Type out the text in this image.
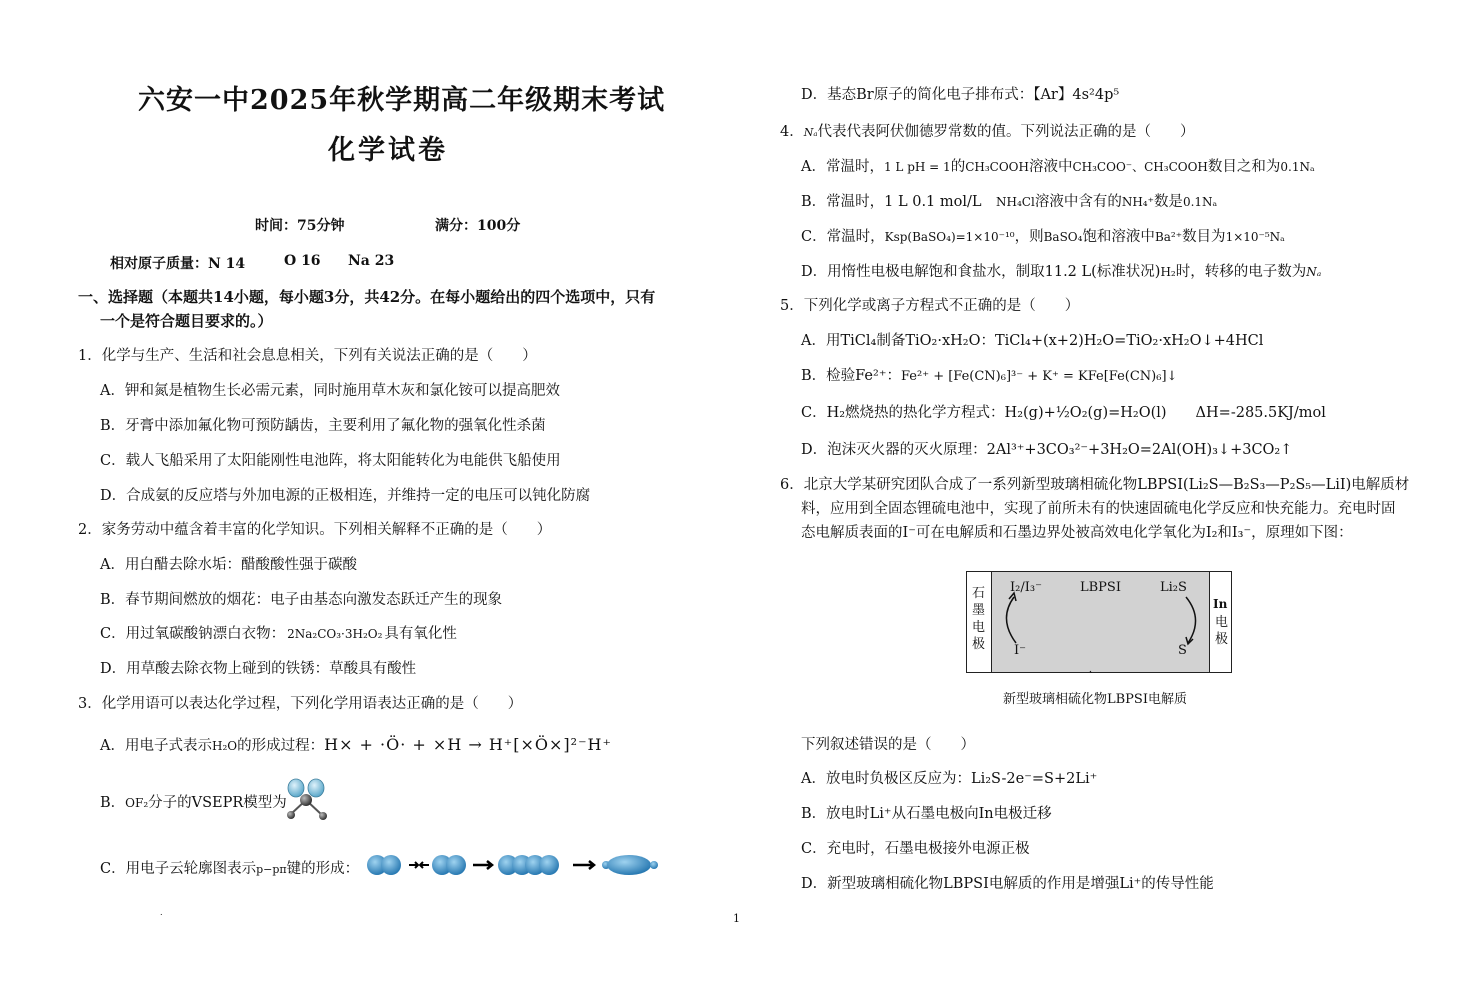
六安一中2025年秋学期高二年级期末考试
化学试卷
时间：75分钟	满分：100分
相对原子质量：N 14	O 16 Na 23
一、选择题（本题共14小题，每小题3分，共42分。在每小题给出的四个选项中，只有
一个是符合题目要求的。）
1．化学与生产、生活和社会息息相关，下列有关说法正确的是（　　）
A．钾和氮是植物生长必需元素，同时施用草木灰和氯化铵可以提高肥效
B．牙膏中添加氟化物可预防龋齿，主要利用了氟化物的强氧化性杀菌
C．载人飞船采用了太阳能刚性电池阵，将太阳能转化为电能供飞船使用
D．合成氨的反应塔与外加电源的正极相连，并维持一定的电压可以钝化防腐
2．家务劳动中蕴含着丰富的化学知识。下列相关解释不正确的是（　　）
A．用白醋去除水垢：醋酸酸性强于碳酸
B．春节期间燃放的烟花：电子由基态向激发态跃迁产生的现象
C．用过氧碳酸钠漂白衣物： 2Na₂CO₃·3H₂O₂ 具有氧化性
D．用草酸去除衣物上碰到的铁锈：草酸具有酸性
3．化学用语可以表达化学过程，下列化学用语表达正确的是（　　）
A．用电子式表示H₂O的形成过程：H× + ·Ö· + ×H → H⁺[×Ö×]²⁻H⁺
B．OF₂分子的VSEPR模型为
C．用电子云轮廓图表示p−pπ键的形成：
.
D．基态Br原子的简化电子排布式：【Ar】4s²4p⁵
4．Nₐ代表代表阿伏伽德罗常数的值。下列说法正确的是（　　）
A．常温时，1 L pH = 1的CH₃COOH溶液中CH₃COO⁻、CH₃COOH数目之和为0.1Nₐ
B．常温时，1 L 0.1 mol/L　 NH₄Cl溶液中含有的NH₄⁺数是0.1Nₐ
C．常温时，Ksp(BaSO₄)=1×10⁻¹⁰，则BaSO₄饱和溶液中Ba²⁺数目为1×10⁻⁵Nₐ
D．用惰性电极电解饱和食盐水，制取11.2 L(标准状况)H₂时，转移的电子数为Nₐ
5．下列化学或离子方程式不正确的是（　　）
A．用TiCl₄制备TiO₂·xH₂O：TiCl₄+(x+2)H₂O=TiO₂·xH₂O↓+4HCl
B．检验Fe²⁺：Fe²⁺ + [Fe(CN)₆]³⁻ + K⁺ = KFe[Fe(CN)₆]↓
C．H₂燃烧热的热化学方程式：H₂(g)+½O₂(g)=H₂O(l)　　ΔH=-285.5KJ/mol
D．泡沫灭火器的灭火原理：2Al³⁺+3CO₃²⁻+3H₂O=2Al(OH)₃↓+3CO₂↑
6．北京大学某研究团队合成了一系列新型玻璃相硫化物LBPSI(Li₂S—B₂S₃—P₂S₅—LiI)电解质材
料，应用到全固态锂硫电池中，实现了前所未有的快速固硫电化学反应和快充能力。充电时固
态电解质表面的I⁻可在电解质和石墨边界处被高效电化学氧化为I₂和I₃⁻，原理如下图：
石
墨
电
极
In
电
极
I₂/I₃⁻	LBPSI	Li₂S
I⁻	S
新型玻璃相硫化物LBPSI电解质
下列叙述错误的是（　　）
A．放电时负极区反应为：Li₂S-2e⁻=S+2Li⁺
B．放电时Li⁺从石墨电极向In电极迁移
C．充电时，石墨电极接外电源正极
D．新型玻璃相硫化物LBPSI电解质的作用是增强Li⁺的传导性能
1
